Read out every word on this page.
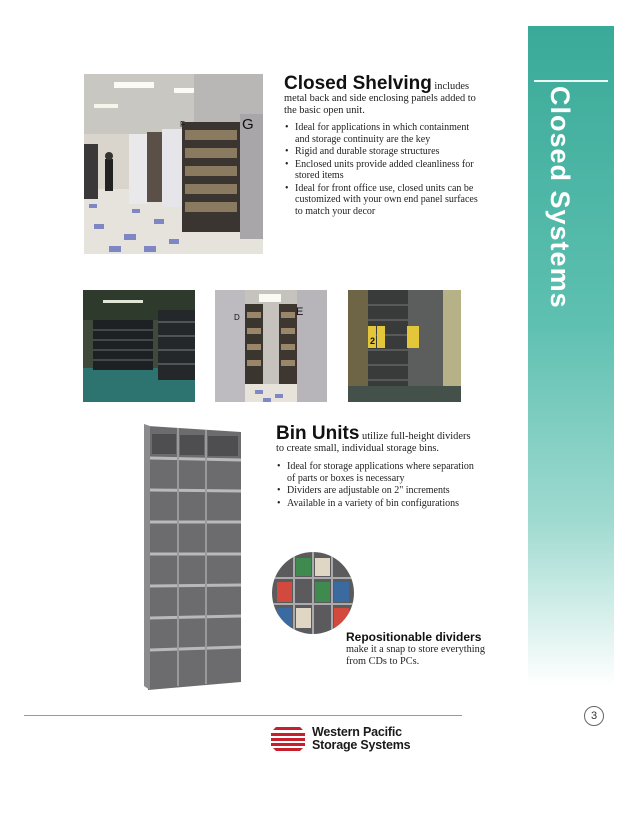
Closed Systems
G
F
Closed Shelving includes metal back and side enclosing panels added to the basic open unit.
• Ideal for applications in which containment and storage continuity are the key
• Rigid and durable storage structures
• Enclosed units provide added cleanliness for stored items
• Ideal for front office use, closed units can be customized with your own end panel surfaces to match your decor
D	E
2
Bin Units utilize full-height dividers to create small, individual storage bins.
• Ideal for storage applications where separation of parts or boxes is necessary
• Dividers are adjustable on 2" increments
• Available in a variety of bin configurations
Repositionable dividers
make it a snap to store everything from CDs to PCs.
3
Western Pacific
Storage Systems
